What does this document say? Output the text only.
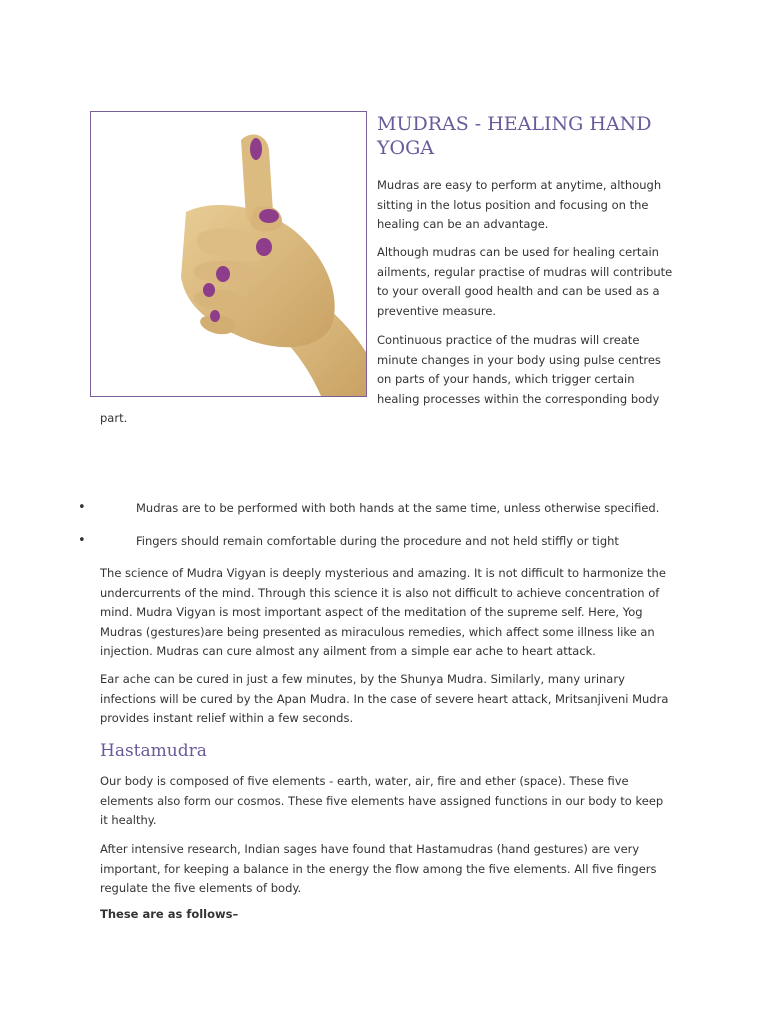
MUDRAS - HEALING HAND YOGA

Mudras are easy to perform at anytime, although sitting in the lotus position and focusing on the healing can be an advantage.

Although mudras can be used for healing certain ailments, regular practise of mudras will contribute to your overall good health and can be used as a preventive measure.

Continuous practice of the mudras will create minute changes in your body using pulse centres on parts of your hands, which trigger certain healing processes within the corresponding body

part.

•	Mudras are to be performed with both hands at the same time, unless otherwise specified.
•	Fingers should remain comfortable during the procedure and not held stiffly or tight

The science of Mudra Vigyan is deeply mysterious and amazing. It is not difficult to harmonize the undercurrents of the mind. Through this science it is also not difficult to achieve concentration of mind. Mudra Vigyan is most important aspect of the meditation of the supreme self. Here, Yog Mudras (gestures)are being presented as miraculous remedies, which affect some illness like an injection. Mudras can cure almost any ailment from a simple ear ache to heart attack.

Ear ache can be cured in just a few minutes, by the Shunya Mudra. Similarly, many urinary infections will be cured by the Apan Mudra. In the case of severe heart attack, Mritsanjiveni Mudra provides instant relief within a few seconds.

Hastamudra

Our body is composed of five elements - earth, water, air, fire and ether (space). These five elements also form our cosmos. These five elements have assigned functions in our body to keep it healthy.

After intensive research, Indian sages have found that Hastamudras (hand gestures) are very important, for keeping a balance in the energy the flow among the five elements. All five fingers regulate the five elements of body.

These are as follows–
